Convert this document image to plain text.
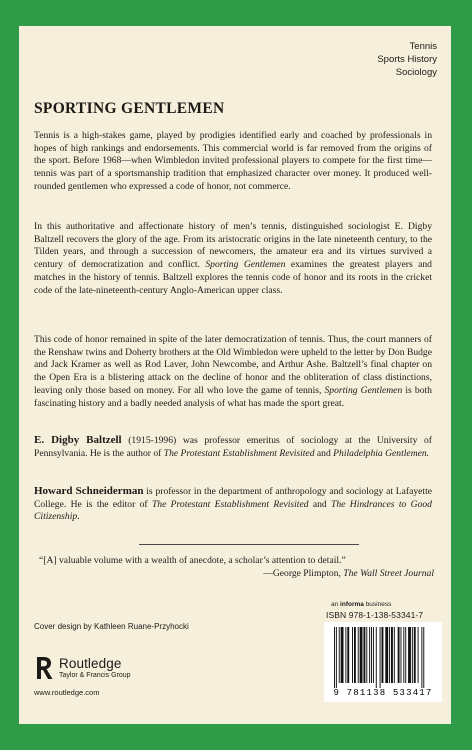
Tennis
Sports History
Sociology
SPORTING GENTLEMEN

Tennis is a high-stakes game, played by prodigies identified early and coached by professionals in hopes of high rankings and endorsements. This commercial world is far removed from the origins of the sport. Before 1968—when Wimbledon invited professional players to compete for the first time—tennis was part of a sportsmanship tradition that emphasized character over money. It produced well-rounded gentlemen who expressed a code of honor, not commerce.

In this authoritative and affectionate history of men’s tennis, distinguished sociologist E. Digby Baltzell recovers the glory of the age. From its aristocratic origins in the late nineteenth century, to the Tilden years, and through a succession of newcomers, the amateur era and its virtues survived a century of democratization and conflict. Sporting Gentlemen examines the greatest players and matches in the history of tennis. Baltzell explores the tennis code of honor and its roots in the cricket code of the late-nineteenth-century Anglo-American upper class.

This code of honor remained in spite of the later democratization of tennis. Thus, the court manners of the Renshaw twins and Doherty brothers at the Old Wimbledon were upheld to the letter by Don Budge and Jack Kramer as well as Rod Laver, John Newcombe, and Arthur Ashe. Baltzell’s final chapter on the Open Era is a blistering attack on the decline of honor and the obliteration of class distinctions, leaving only those based on money. For all who love the game of tennis, Sporting Gentlemen is both fascinating history and a badly needed analysis of what has made the sport great.

E. Digby Baltzell (1915-1996) was professor emeritus of sociology at the University of Pennsylvania. He is the author of The Protestant Establishment Revisited and Philadelphia Gentlemen.

Howard Schneiderman is professor in the department of anthropology and sociology at Lafayette College. He is the editor of The Protestant Establishment Revisited and The Hindrances to Good Citizenship.

“[A] valuable volume with a wealth of anecdote, a scholar’s attention to detail.”

—George Plimpton, The Wall Street Journal
Cover design by Kathleen Ruane-Przyhocki
Routledge
Taylor & Francis Group
www.routledge.com
an informa business
ISBN 978-1-138-53341-7
9 781138 533417
